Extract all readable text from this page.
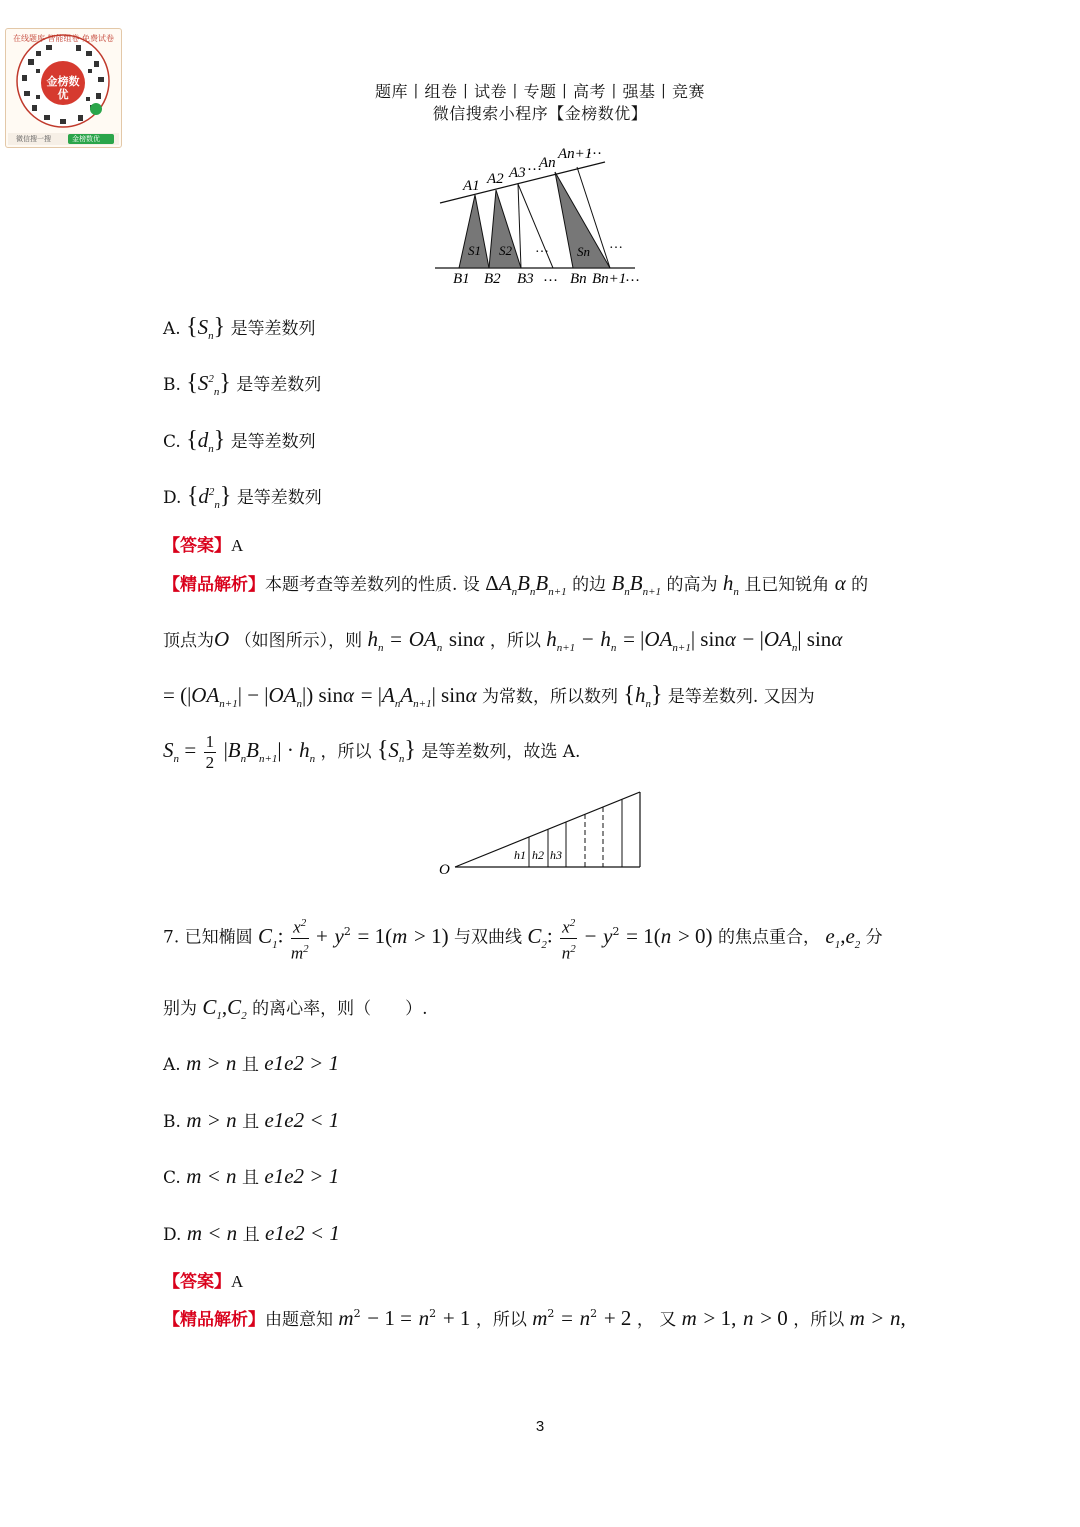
在线题库 智能组卷 免费试卷
金榜数优
微信搜一搜	金榜数优
题库丨组卷丨试卷丨专题丨高考丨强基丨竞赛
微信搜索小程序【金榜数优】
A1 A2 A3 …
An
An+1
…
S1 S2 … Sn …
B1 B2 B3 … Bn Bn+1
…
A. $\{S_n\}$ 是等差数列
B. $\{S^2_n\}$ 是等差数列
C. $\{d_n\}$ 是等差数列
D. $\{d^2_n\}$ 是等差数列
【答案】A
【精品解析】本题考查等差数列的性质. 设 $\Delta A_nB_nB_{n+1}$ 的边 $B_nB_{n+1}$ 的高为 $h_n$ 且已知锐角 α 的
顶点为O （如图所示），则 $h_n = OA_n$ sinα ，所以 $h_{n+1} - h_n = |OA_{n+1}|$ $\sin\alpha - |OA_n|$ sinα
= $(|OA_{n+1}| - |OA_n|) \sin\alpha = |A_nA_{n+1}|$ sinα 为常数，所以数列 $\{h_n\}$ 是等差数列. 又因为
$S_n = \frac{1}{2} |B_nB_{n+1}| \cdot h_n$ ，所以 $\{S_n\}$ 是等差数列，故选 A.
O
h1 h2 h3
7. 已知椭圆 $C_1$: $\frac{x^2}{m^2} + y^2 = 1(m > 1)$ 与双曲线 $C_2$: $\frac{x^2}{n^2} - y^2 = 1(n > 0)$ 的焦点重合， $e_1,e_2$ 分
别为 $C_1,C_2$ 的离心率，则（　　）.
A. m > n 且 e1e2 > 1
B. m > n 且 e1e2 < 1
C. m < n 且 e1e2 > 1
D. m < n 且 e1e2 < 1
【答案】A
【精品解析】由题意知 $m^2 - 1 = n^2 + 1$ ，所以 $m^2 = n^2 + 2$ ， 又 m > 1, n > 0 ，所以 m > n,
3
